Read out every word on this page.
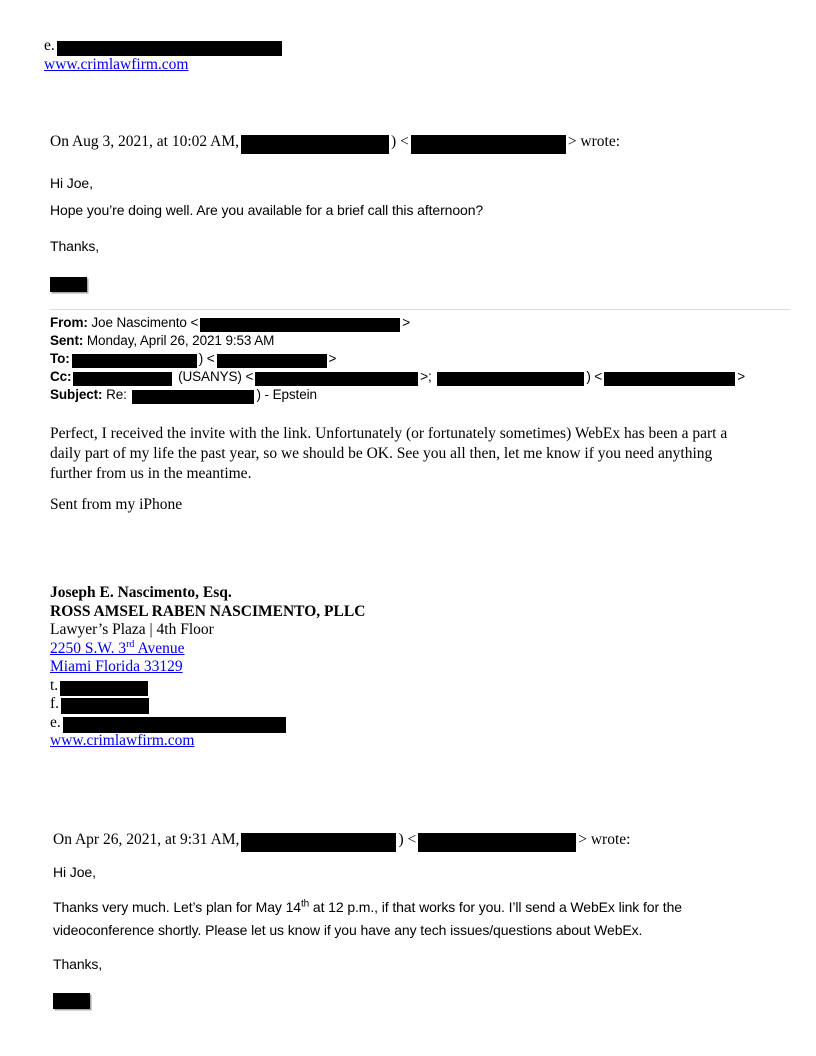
e.
www.crimlawfirm.com
On Aug 3, 2021, at 10:02 AM,	) <	> wrote:
Hi Joe,
Hope you’re doing well. Are you available for a brief call this afternoon?
Thanks,
From: Joe Nascimento <	>
Sent: Monday, April 26, 2021 9:53 AM
To:	) <	>
Cc:	(USANYS) <	>;	) <	>
Subject: Re:	) - Epstein
Perfect, I received the invite with the link. Unfortunately (or fortunately sometimes) WebEx has been a part a
daily part of my life the past year, so we should be OK. See you all then, let me know if you need anything
further from us in the meantime.
Sent from my iPhone
Joseph E. Nascimento, Esq.
ROSS AMSEL RABEN NASCIMENTO, PLLC
Lawyer’s Plaza | 4th Floor
2250 S.W. 3rd Avenue
Miami Florida 33129
t.
f.
e.
www.crimlawfirm.com
On Apr 26, 2021, at 9:31 AM,	) <	> wrote:
Hi Joe,
Thanks very much. Let’s plan for May 14th at 12 p.m., if that works for you. I’ll send a WebEx link for the
videoconference shortly. Please let us know if you have any tech issues/questions about WebEx.
Thanks,
